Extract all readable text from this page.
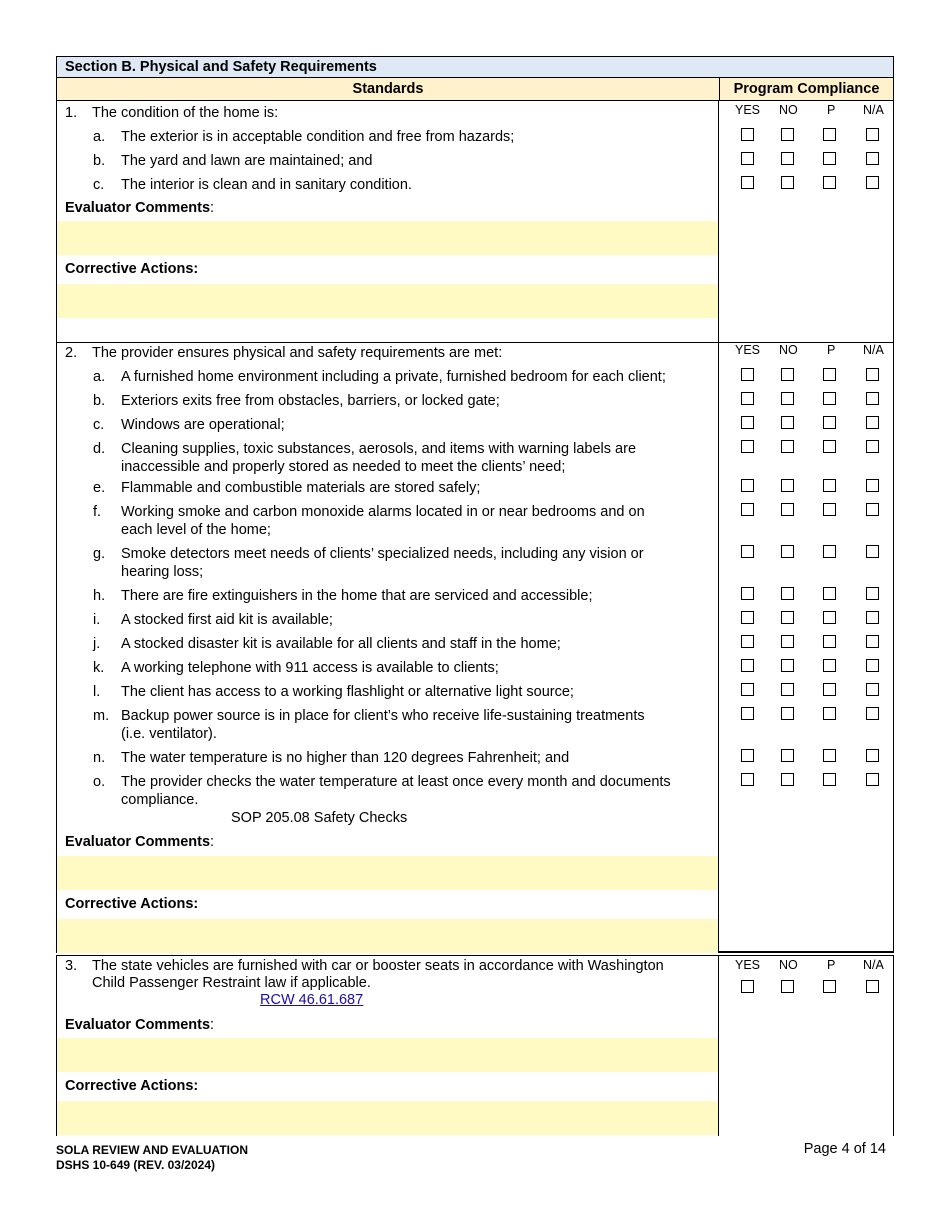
Section B. Physical and Safety Requirements
Standards	Program Compliance
1. The condition of the home is:
a. The exterior is in acceptable condition and free from hazards;
b. The yard and lawn are maintained; and
c. The interior is clean and in sanitary condition.
Evaluator Comments:
Corrective Actions:
YES NO P N/A
2. The provider ensures physical and safety requirements are met:
a. A furnished home environment including a private, furnished bedroom for each client;
b. Exteriors exits free from obstacles, barriers, or locked gate;
c. Windows are operational;
d. Cleaning supplies, toxic substances, aerosols, and items with warning labels are
inaccessible and properly stored as needed to meet the clients’ need;
e. Flammable and combustible materials are stored safely;
f. Working smoke and carbon monoxide alarms located in or near bedrooms and on
each level of the home;
g. Smoke detectors meet needs of clients’ specialized needs, including any vision or
hearing loss;
h. There are fire extinguishers in the home that are serviced and accessible;
i. A stocked first aid kit is available;
j. A stocked disaster kit is available for all clients and staff in the home;
k. A working telephone with 911 access is available to clients;
l. The client has access to a working flashlight or alternative light source;
m. Backup power source is in place for client’s who receive life-sustaining treatments
(i.e. ventilator).
n. The water temperature is no higher than 120 degrees Fahrenheit; and
o. The provider checks the water temperature at least once every month and documents
compliance.
SOP 205.08 Safety Checks
Evaluator Comments:
Corrective Actions:
YES NO P N/A
3. The state vehicles are furnished with car or booster seats in accordance with Washington
Child Passenger Restraint law if applicable.
RCW 46.61.687
Evaluator Comments:
Corrective Actions:
YES NO P N/A
SOLA REVIEW AND EVALUATION
DSHS 10-649 (REV. 03/2024)
Page 4 of 14
